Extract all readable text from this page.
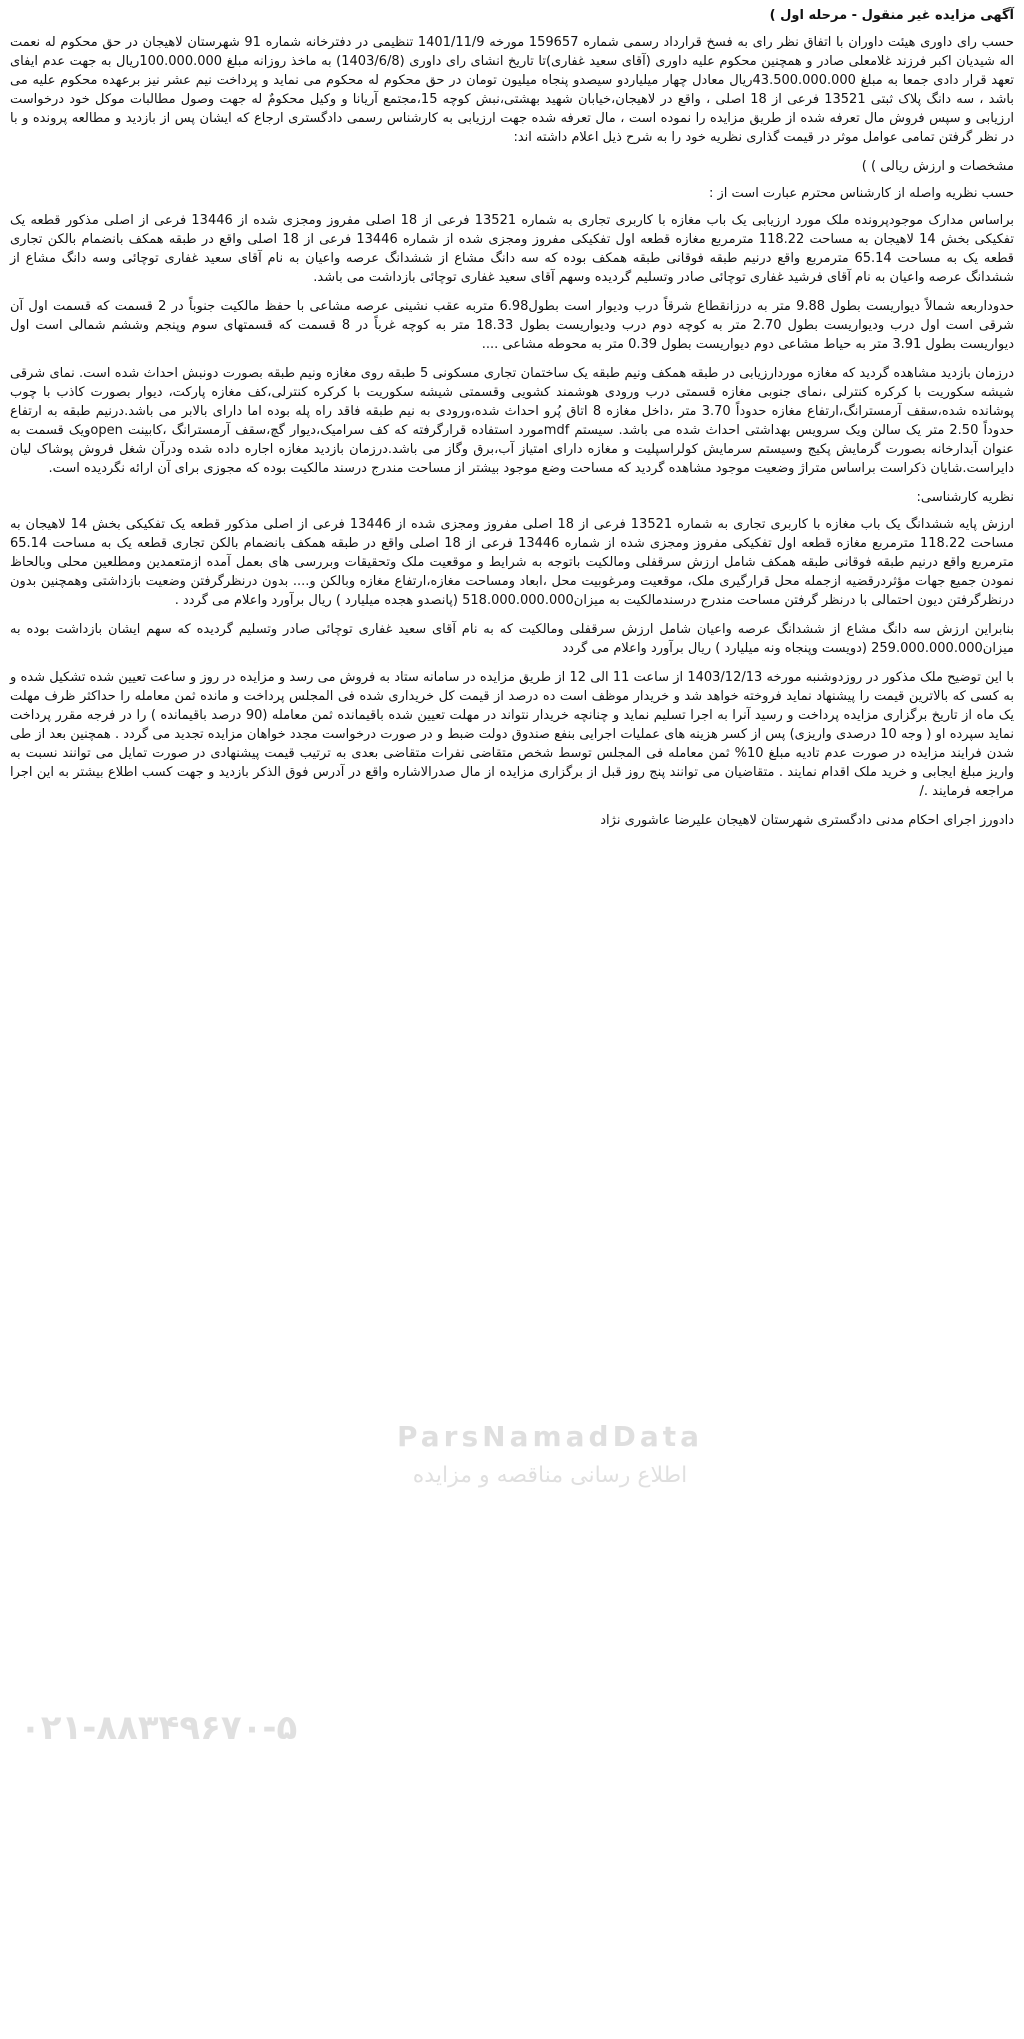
آگهی مزایده غیر منقول - مرحله اول )

حسب رای داوری هیئت داوران با اتفاق نظر رای به فسخ قرارداد رسمی شماره 159657 مورخه 1401/11/9 تنظیمی در دفترخانه شماره 91 شهرستان لاهیجان در حق محکوم له نعمت اله شیدیان اکبر فرزند غلامعلی صادر و همچنین محکوم علیه داوری (آقای سعید غفاری)تا تاریخ انشای رای داوری (1403/6/8) به ماخذ روزانه مبلغ 100.000.000ریال به جهت عدم ایفای تعهد قرار دادی جمعا به مبلغ 43.500.000.000ریال معادل چهار میلیاردو سیصدو پنجاه میلیون تومان در حق محکوم له محکوم می نماید و پرداخت نیم عشر نیز برعهده محکوم علیه می باشد ، سه دانگ پلاک ثبتی 13521 فرعی از 18 اصلی ، واقع در لاهیجان،خیابان شهید بهشتی،نبش کوچه 15،مجتمع آریانا و وکیل محکومٌ له جهت وصول مطالبات موکل خود درخواست ارزیابی و سپس فروش مال تعرفه شده از طریق مزایده را نموده است ، مال تعرفه شده جهت ارزیابی به کارشناس رسمی دادگستری ارجاع که ایشان پس از بازدید و مطالعه پرونده و با در نظر گرفتن تمامی عوامل موثر در قیمت گذاری نظریه خود را به شرح ذیل اعلام داشته اند:

مشخصات و ارزش ریالی ) )

حسب نظریه واصله از کارشناس محترم عبارت است از :

براساس مدارک موجودپرونده ملک مورد ارزیابی یک باب مغازه با کاربری تجاری به شماره 13521 فرعی از 18 اصلی مفروز ومجزی شده از 13446 فرعی از اصلی مذکور قطعه یک تفکیکی بخش 14 لاهیجان به مساحت 118.22 مترمربع مغازه قطعه اول تفکیکی مفروز ومجزی شده از شماره 13446 فرعی از 18 اصلی واقع در طبقه همکف بانضمام بالکن تجاری قطعه یک به مساحت 65.14 مترمربع واقع درنیم طبقه فوقانی طبقه همکف بوده که سه دانگ مشاع از ششدانگ عرصه واعیان به نام آقای سعید غفاری توچائی وسه دانگ مشاع از ششدانگ عرصه واعیان به نام آقای فرشید غفاری توچائی صادر وتسلیم گردیده وسهم آقای سعید غفاری توچائی بازداشت می باشد.

حدوداربعه شمالاً دیواریست بطول 9.88 متر به درزانقطاع شرقاً درب ودیوار است بطول6.98 متربه عقب نشینی عرصه مشاعی با حفظ مالکیت جنوباً در 2 قسمت که قسمت اول آن شرقی است اول درب ودیواریست بطول 2.70 متر به کوچه دوم درب ودیواریست بطول 18.33 متر به کوچه غرباً در 8 قسمت که قسمتهای سوم وپنجم وششم شمالی است اول دیواریست بطول 3.91 متر به حیاط مشاعی دوم دیواریست بطول 0.39 متر به محوطه مشاعی ....

درزمان بازدید مشاهده گردید که مغازه موردارزیابی در طبقه همکف ونیم طبقه یک ساختمان تجاری مسکونی 5 طبقه روی مغازه ونیم طبقه بصورت دونبش احداث شده است. نمای شرقی شیشه سکوریت با کرکره کنترلی ،نمای جنوبی مغازه قسمتی درب ورودی هوشمند کشویی وقسمتی شیشه سکوریت با کرکره کنترلی،کف مغازه پارکت، دیوار بصورت کاذب با چوب پوشانده شده،سقف آرمسترانگ،ارتفاع مغازه حدوداً 3.70 متر ،داخل مغازه 8 اتاق پُرو احداث شده،ورودی به نیم طبقه فاقد راه پله بوده اما دارای بالابر می باشد.درنیم طبقه به ارتفاع حدوداً 2.50 متر یک سالن ویک سرویس بهداشتی احداث شده می باشد. سیستم mdfمورد استفاده قرارگرفته که کف سرامیک،دیوار گچ،سقف آرمسترانگ ،کابینت openویک قسمت به عنوان آبدارخانه بصورت گرمایش پکیج وسیستم سرمایش کولراسپلیت و مغازه دارای امتیاز آب،برق وگاز می باشد.درزمان بازدید مغازه اجاره داده شده ودرآن شغل فروش پوشاک لیان دایراست.شایان ذکراست براساس متراژ وضعیت موجود مشاهده گردید که مساحت وضع موجود بیشتر از مساحت مندرج درسند مالکیت بوده که مجوزی برای آن ارائه نگردیده است.

نظریه کارشناسی:

ارزش پایه ششدانگ یک باب مغازه با کاربری تجاری به شماره 13521 فرعی از 18 اصلی مفروز ومجزی شده از 13446 فرعی از اصلی مذکور قطعه یک تفکیکی بخش 14 لاهیجان به مساحت 118.22 مترمربع مغازه قطعه اول تفکیکی مفروز ومجزی شده از شماره 13446 فرعی از 18 اصلی واقع در طبقه همکف بانضمام بالکن تجاری قطعه یک به مساحت 65.14 مترمربع واقع درنیم طبقه فوقانی طبقه همکف شامل ارزش سرقفلی ومالکیت باتوجه به شرایط و موقعیت ملک وتحقیقات وبررسی های بعمل آمده ازمتعمدین ومطلعین محلی وبالحاظ نمودن جمیع جهات مؤثردرقضیه ازجمله محل قرارگیری ملک، موقعیت ومرغوبیت محل ،ابعاد ومساحت مغازه،ارتفاع مغازه وبالکن و.... بدون درنظرگرفتن وضعیت بازداشتی وهمچنین بدون درنظرگرفتن دیون احتمالی با درنظر گرفتن مساحت مندرج درسندمالکیت به میزان518.000.000.000 (پانصدو هجده میلیارد ) ریال برآورد واعلام می گردد .

بنابراین ارزش سه دانگ مشاع از ششدانگ عرصه واعیان شامل ارزش سرقفلی ومالکیت که به نام آقای سعید غفاری توچائی صادر وتسلیم گردیده که سهم ایشان بازداشت بوده به میزان259.000.000.000 (دویست وپنجاه ونه میلیارد ) ریال برآورد واعلام می گردد

با این توضیح ملک مذکور در روزدوشنبه مورخه 1403/12/13 از ساعت 11 الی 12 از طریق مزایده در سامانه ستاد به فروش می رسد و مزایده در روز و ساعت تعیین شده تشکیل شده و به کسی که بالاترین قیمت را پیشنهاد نماید فروخته خواهد شد و خریدار موظف است ده درصد از قیمت کل خریداری شده فی المجلس پرداخت و مانده ثمن معامله را حداکثر ظرف مهلت یک ماه از تاریخ برگزاری مزایده پرداخت و رسید آنرا به اجرا تسلیم نماید و چنانچه خریدار نتواند در مهلت تعیین شده باقیمانده ثمن معامله (90 درصد باقیمانده ) را در فرجه مقرر پرداخت نماید سپرده او ( وجه 10 درصدی واریزی) پس از کسر هزینه های عملیات اجرایی بنفع صندوق دولت ضبط و در صورت درخواست مجدد خواهان مزایده تجدید می گردد . همچنین بعد از طی شدن فرایند مزایده در صورت عدم تادیه مبلغ 10% ثمن معامله فی المجلس توسط شخص متقاضی نفرات متقاضی بعدی به ترتیب قیمت پیشنهادی در صورت تمایل می توانند نسبت به واریز مبلغ ایجابی و خرید ملک اقدام نمایند . متقاضیان می توانند پنج روز قبل از برگزاری مزایده از مال صدرالاشاره واقع در آدرس فوق الذکر بازدید و جهت کسب اطلاع بیشتر به این اجرا مراجعه فرمایند ./

دادورز اجرای احکام مدنی دادگستری شهرستان لاهیجان علیرضا عاشوری نژاد

ParsNamadData
اطلاع رسانی مناقصه و مزایده
۰۲۱-۸۸۳۴۹۶۷۰-۵
